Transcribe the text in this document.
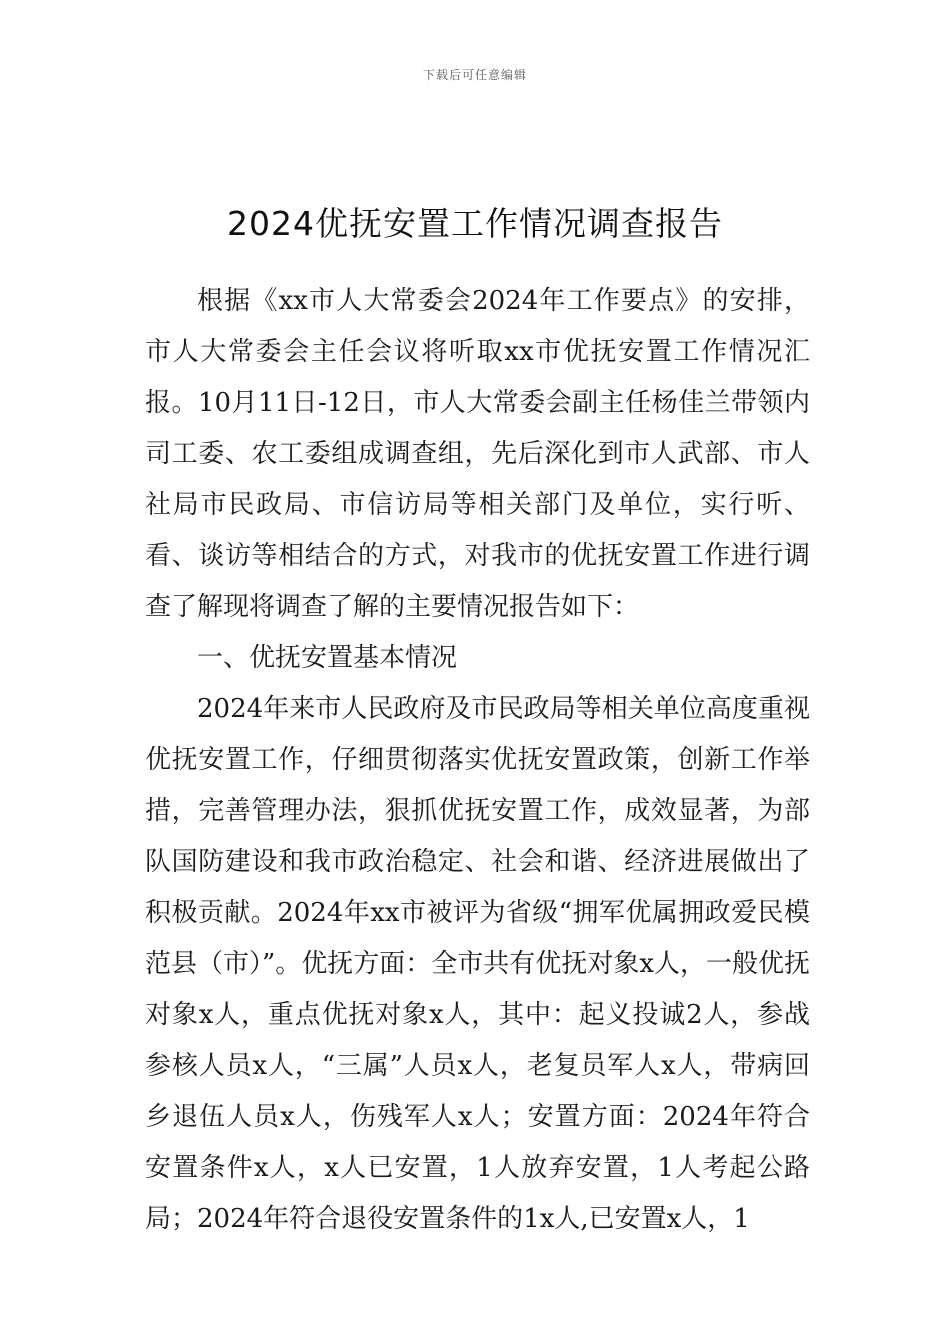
下载后可任意编辑
2024优抚安置工作情况调查报告

根据《xx市人大常委会2024年工作要点》的安排，市人大常委会主任会议将听取xx市优抚安置工作情况汇报。10月11日-12日，市人大常委会副主任杨佳兰带领内司工委、农工委组成调查组，先后深化到市人武部、市人社局市民政局、市信访局等相关部门及单位，实行听、看、谈访等相结合的方式，对我市的优抚安置工作进行调查了解现将调查了解的主要情况报告如下：

一、优抚安置基本情况

2024年来市人民政府及市民政局等相关单位高度重视优抚安置工作，仔细贯彻落实优抚安置政策，创新工作举措，完善管理办法，狠抓优抚安置工作，成效显著，为部队国防建设和我市政治稳定、社会和谐、经济进展做出了积极贡献。2024年xx市被评为省级“拥军优属拥政爱民模范县（市）”。优抚方面：全市共有优抚对象x人，一般优抚对象x人，重点优抚对象x人，其中：起义投诚2人，参战参核人员x人，“三属”人员x人，老复员军人x人，带病回乡退伍人员x人，伤残军人x人；安置方面：2024年符合安置条件x人，x人已安置，1人放弃安置，1人考起公路局；2024年符合退役安置条件的1x人,已安置x人，1
